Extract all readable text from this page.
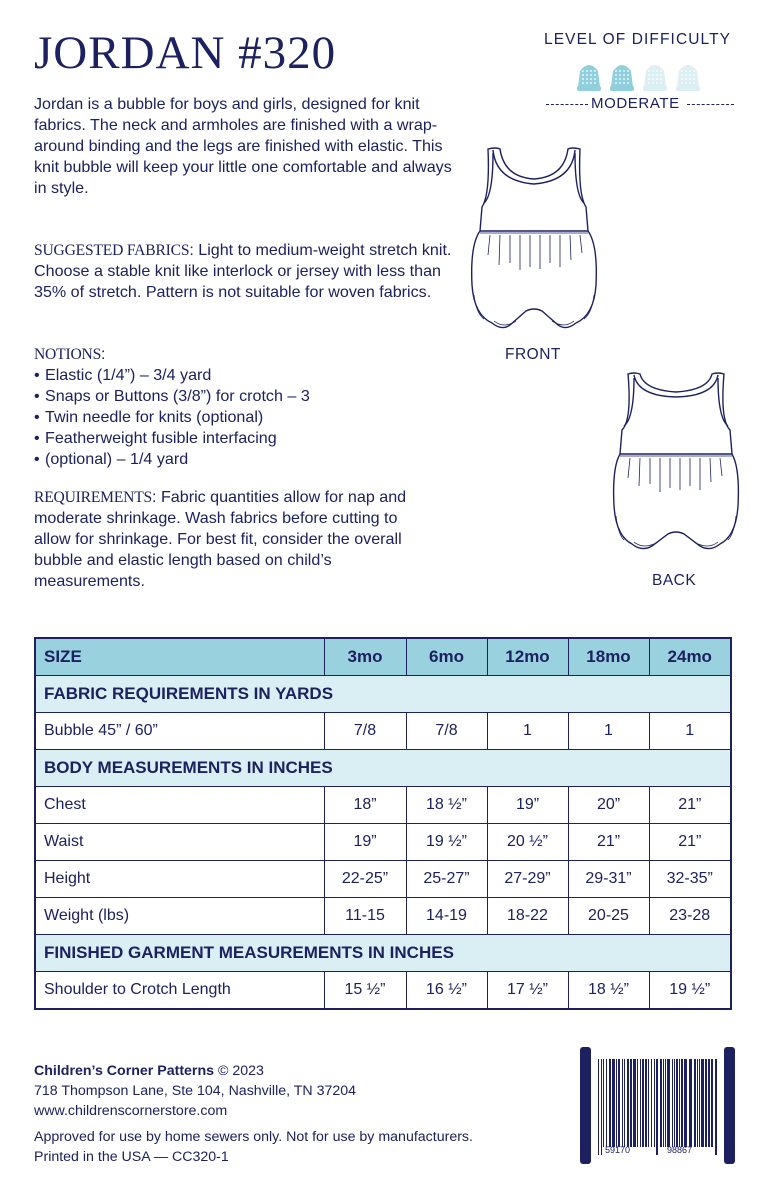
JORDAN #320	LEVEL OF DIFFICULTY
MODERATE

Jordan is a bubble for boys and girls, designed for knit fabrics. The neck and armholes are finished with a wrap-around binding and the legs are finished with elastic. This knit bubble will keep your little one comfortable and always in style.

SUGGESTED FABRICS: Light to medium-weight stretch knit. Choose a stable knit like interlock or jersey with less than 35% of stretch. Pattern is not suitable for woven fabrics.

NOTIONS:
• Elastic (1/4”) – 3/4 yard
• Snaps or Buttons (3/8”) for crotch – 3
• Twin needle for knits (optional)
• Featherweight fusible interfacing
• (optional) – 1/4 yard

REQUIREMENTS: Fabric quantities allow for nap and moderate shrinkage. Wash fabrics before cutting to allow for shrinkage. For best fit, consider the overall bubble and elastic length based on child’s measurements.

FRONT
BACK
SIZE	3mo	6mo	12mo	18mo	24mo
FABRIC REQUIREMENTS IN YARDS					
Bubble 45” / 60”	7/8	7/8	1	1	1
BODY MEASUREMENTS IN INCHES					
Chest	18”	18 ½”	19”	20”	21”
Waist	19”	19 ½”	20 ½”	21”	21”
Height	22-25”	25-27”	27-29”	29-31”	32-35”
Weight (lbs)	11-15	14-19	18-22	20-25	23-28
FINISHED GARMENT MEASUREMENTS IN INCHES					
Shoulder to Crotch Length	15 ½”	16 ½”	17 ½”	18 ½”	19 ½”
Children’s Corner Patterns © 2023
718 Thompson Lane, Ste 104, Nashville, TN 37204
www.childrenscornerstore.com
Approved for use by home sewers only. Not for use by manufacturers.
Printed in the USA — CC320-1	7 59170	98867	9
